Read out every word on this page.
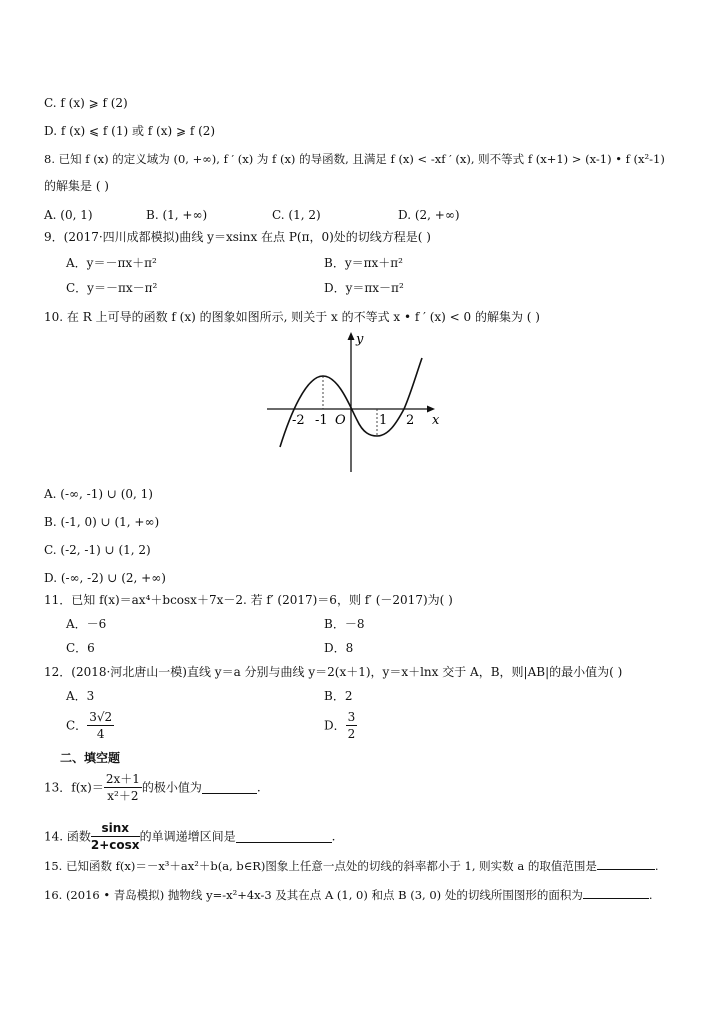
C. f (x) ⩾ f (2)
D. f (x) ⩽ f (1) 或 f (x) ⩾ f (2)
8. 已知 f (x) 的定义域为 (0, +∞), f ′ (x) 为 f (x) 的导函数, 且满足 f (x) < -xf ′ (x), 则不等式 f (x+1) > (x-1) • f (x²-1)
的解集是 ( )
A. (0, 1)	B. (1, +∞)	C. (1, 2)	D. (2, +∞)
9．(2017·四川成都模拟)曲线 y＝xsinx 在点 P(π，0)处的切线方程是( )
A．y＝－πx＋π²	B．y＝πx＋π²
C．y＝－πx－π²	D．y＝πx－π²
10. 在 R 上可导的函数 f (x) 的图象如图所示, 则关于 x 的不等式 x • f ′ (x) < 0 的解集为 ( )
y
x
O
-2 -1	1 2
A. (-∞, -1) ∪ (0, 1)
B. (-1, 0) ∪ (1, +∞)
C. (-2, -1) ∪ (1, 2)
D. (-∞, -2) ∪ (2, +∞)
11．已知 f(x)＝ax⁴＋bcosx＋7x－2. 若 f′ (2017)＝6，则 f′ (－2017)为( )
A．－6	B．－8
C．6	D．8
12．(2018·河北唐山一模)直线 y＝a 分别与曲线 y＝2(x＋1)，y＝x＋lnx 交于 A，B，则|AB|的最小值为( )
A．3	B．2
C． $\frac{3√2}{4}$	D． $\frac{3}{2}$
二、填空题
13．$f(x)= \frac{2x+1}{\text{x²＋2}}$ 的极小值为	.
14. 函数 $\frac{\sin x}{2+\cos x}$ 的单调递增区间是	.
15. 已知函数 f(x)＝－x³＋ax²＋b(a, b∈R)图象上任意一点处的切线的斜率都小于 1, 则实数 a 的取值范围是	.
16. (2016 • 青岛模拟) 抛物线 y=-x²+4x-3 及其在点 A (1, 0) 和点 B (3, 0) 处的切线所围图形的面积为	.
